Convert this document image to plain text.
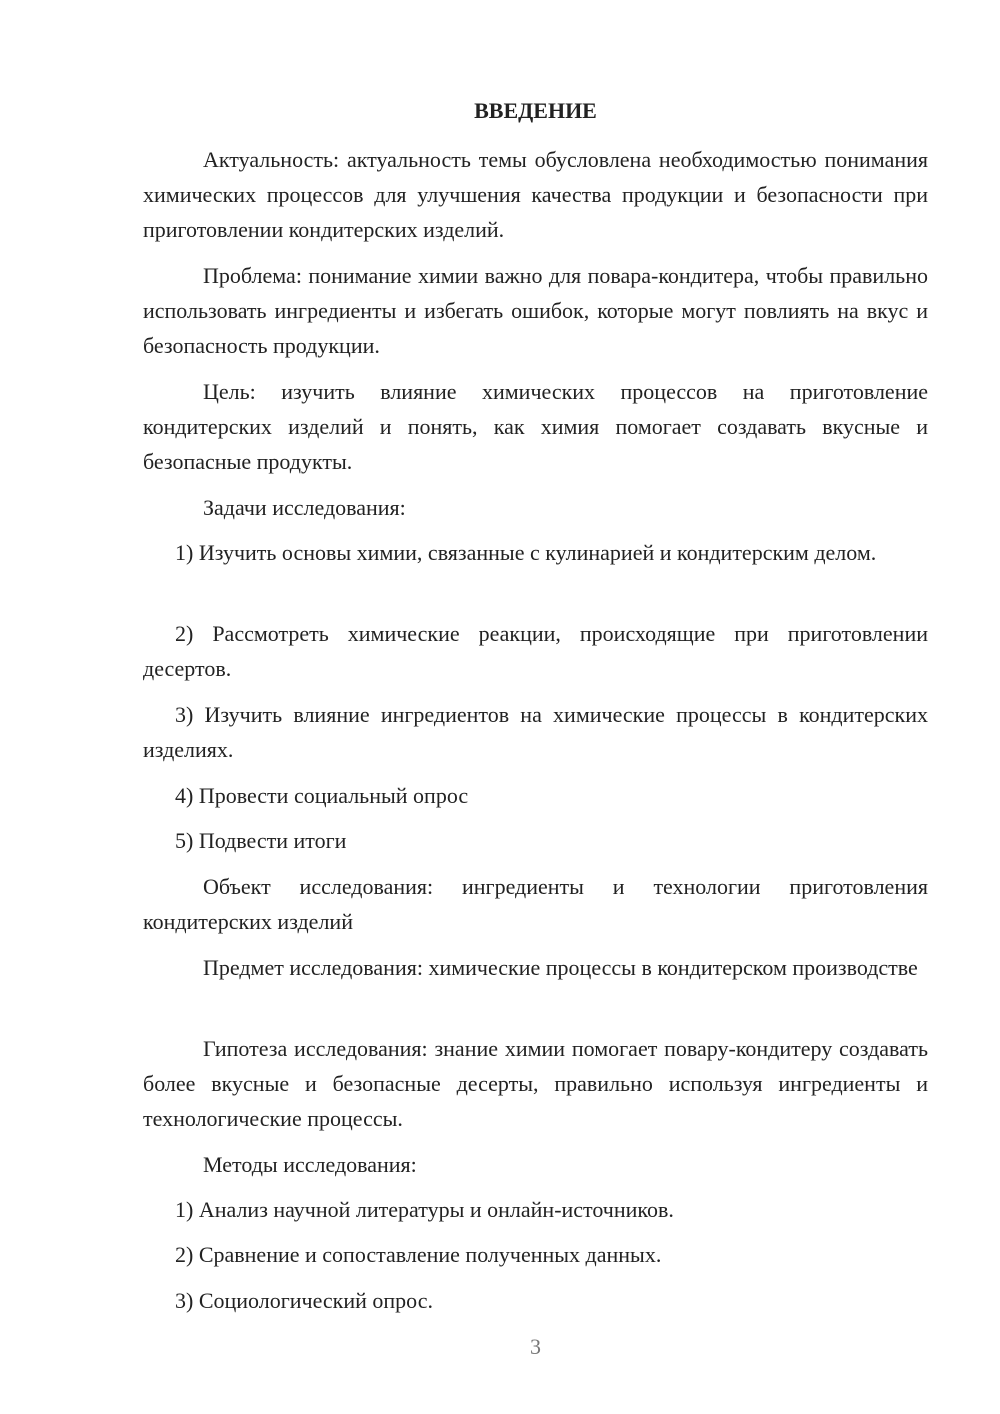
ВВЕДЕНИЕ

Актуальность: актуальность темы обусловлена необходимостью понимания химических процессов для улучшения качества продукции и безопасности при приготовлении кондитерских изделий.

Проблема: понимание химии важно для повара-кондитера, чтобы правильно использовать ингредиенты и избегать ошибок, которые могут повлиять на вкус и безопасность продукции.

Цель: изучить влияние химических процессов на приготовление кондитерских изделий и понять, как химия помогает создавать вкусные и безопасные продукты.

Задачи исследования:

1) Изучить основы химии, связанные с кулинарией и кондитерским делом.

2) Рассмотреть химические реакции, происходящие при приготовлении десертов.

3) Изучить влияние ингредиентов на химические процессы в кондитерских изделиях.

4) Провести социальный опрос

5) Подвести итоги

Объект исследования: ингредиенты и технологии приготовления кондитерских изделий

Предмет исследования: химические процессы в кондитерском производстве

Гипотеза исследования: знание химии помогает повару-кондитеру создавать более вкусные и безопасные десерты, правильно используя ингредиенты и технологические процессы.

Методы исследования:

1) Анализ научной литературы и онлайн-источников.

2) Сравнение и сопоставление полученных данных.

3) Социологический опрос.

3
